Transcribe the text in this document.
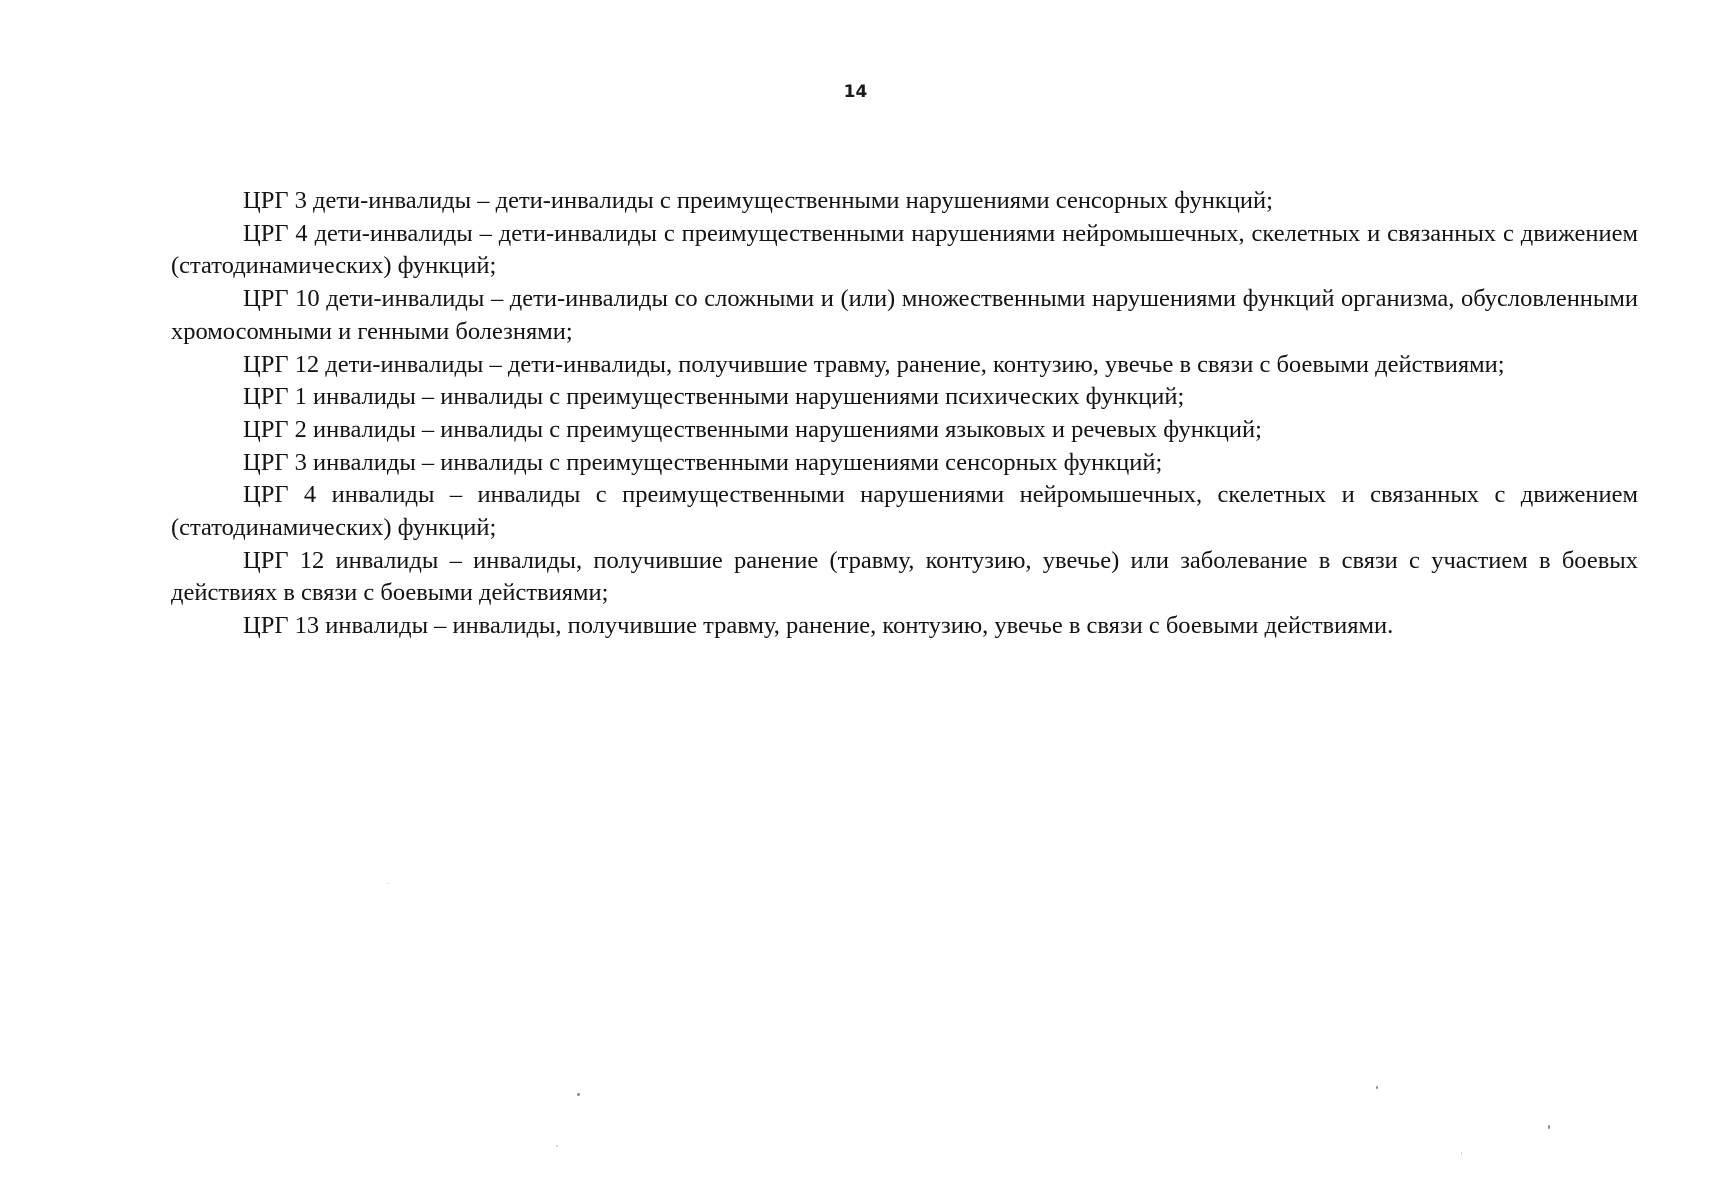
14

ЦРГ 3 дети-инвалиды – дети-инвалиды с преимущественными нарушениями сенсорных функций;

ЦРГ 4 дети-инвалиды – дети-инвалиды с преимущественными нарушениями нейромышечных, скелетных и связанных с движением (статодинамических) функций;

ЦРГ 10 дети-инвалиды – дети-инвалиды со сложными и (или) множественными нарушениями функций организма, обусловленными хромосомными и генными болезнями;

ЦРГ 12 дети-инвалиды – дети-инвалиды, получившие травму, ранение, контузию, увечье в связи с боевыми действиями;

ЦРГ 1 инвалиды – инвалиды с преимущественными нарушениями психических функций;

ЦРГ 2 инвалиды – инвалиды с преимущественными нарушениями языковых и речевых функций;

ЦРГ 3 инвалиды – инвалиды с преимущественными нарушениями сенсорных функций;

ЦРГ 4 инвалиды – инвалиды с преимущественными нарушениями нейромышечных, скелетных и связанных с движением (статодинамических) функций;

ЦРГ 12 инвалиды – инвалиды, получившие ранение (травму, контузию, увечье) или заболевание в связи с участием в боевых действиях в связи с боевыми действиями;

ЦРГ 13 инвалиды – инвалиды, получившие травму, ранение, контузию, увечье в связи с боевыми действиями.
